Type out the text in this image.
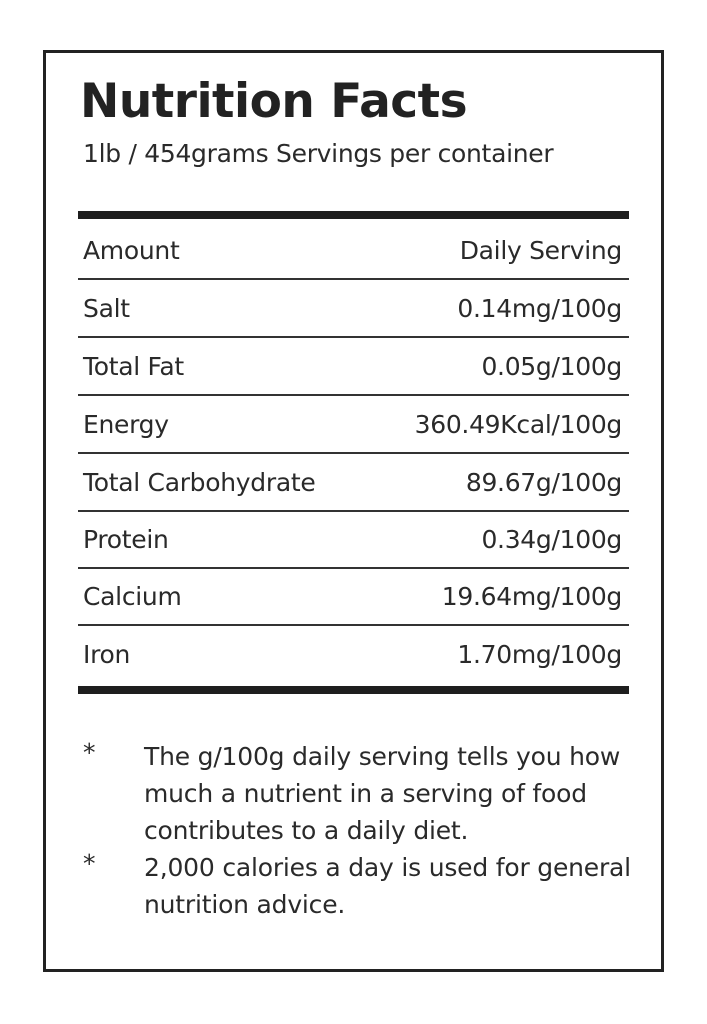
Nutrition Facts
1lb / 454grams Servings per container
Amount	Daily Serving
Salt	0.14mg/100g
Total Fat	0.05g/100g
Energy	360.49Kcal/100g
Total Carbohydrate	89.67g/100g
Protein	0.34g/100g
Calcium	19.64mg/100g
Iron	1.70mg/100g
* The g/100g daily serving tells you how much a nutrient in a serving of food contributes to a daily diet.
* 2,000 calories a day is used for general nutrition advice.
